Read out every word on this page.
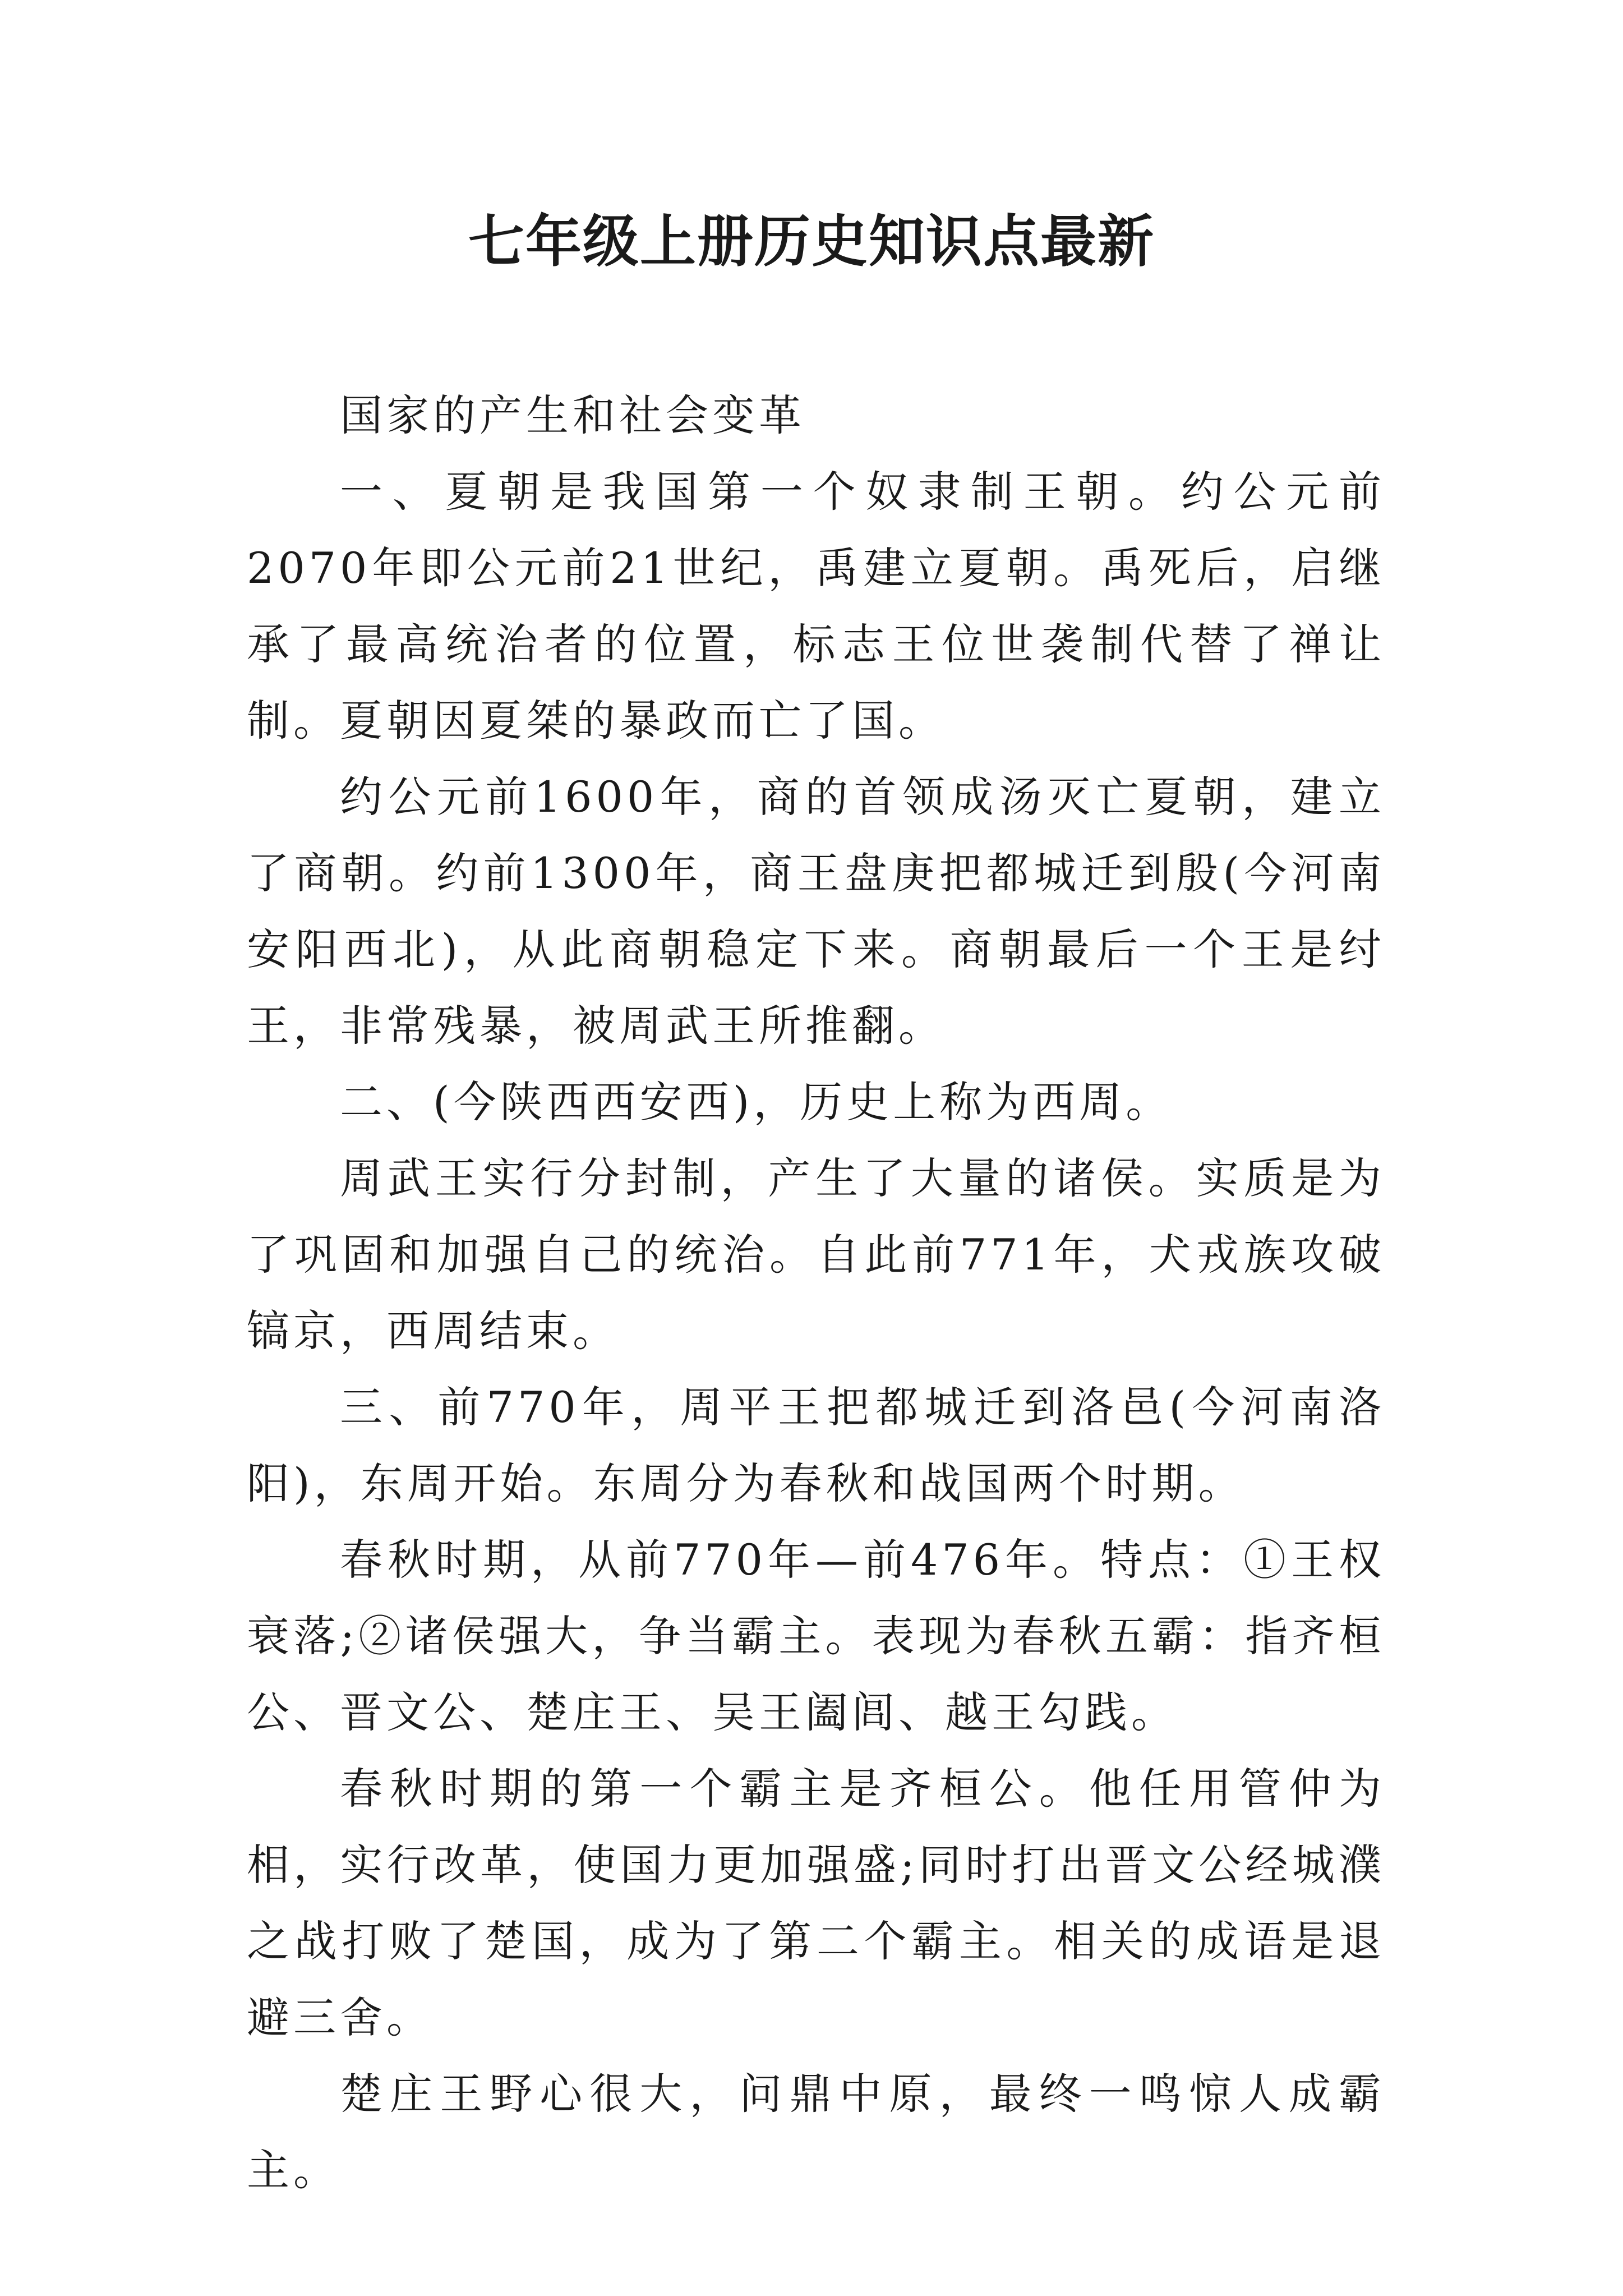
七年级上册历史知识点最新

国家的产生和社会变革

一、夏朝是我国第一个奴隶制王朝。约公元前2070年即公元前21世纪，禹建立夏朝。禹死后，启继承了最高统治者的位置，标志王位世袭制代替了禅让制。夏朝因夏桀的暴政而亡了国。

约公元前1600年，商的首领成汤灭亡夏朝，建立了商朝。约前1300年，商王盘庚把都城迁到殷(今河南安阳西北)，从此商朝稳定下来。商朝最后一个王是纣王，非常残暴，被周武王所推翻。

二、(今陕西西安西)，历史上称为西周。

周武王实行分封制，产生了大量的诸侯。实质是为了巩固和加强自己的统治。自此前771年，犬戎族攻破镐京，西周结束。

三、前770年，周平王把都城迁到洛邑(今河南洛阳)，东周开始。东周分为春秋和战国两个时期。

春秋时期，从前770年—前476年。特点：①王权衰落;②诸侯强大，争当霸主。表现为春秋五霸：指齐桓公、晋文公、楚庄王、吴王阖闾、越王勾践。

春秋时期的第一个霸主是齐桓公。他任用管仲为相，实行改革，使国力更加强盛;同时打出晋文公经城濮之战打败了楚国，成为了第二个霸主。相关的成语是退避三舍。

楚庄王野心很大，问鼎中原，最终一鸣惊人成霸主。
